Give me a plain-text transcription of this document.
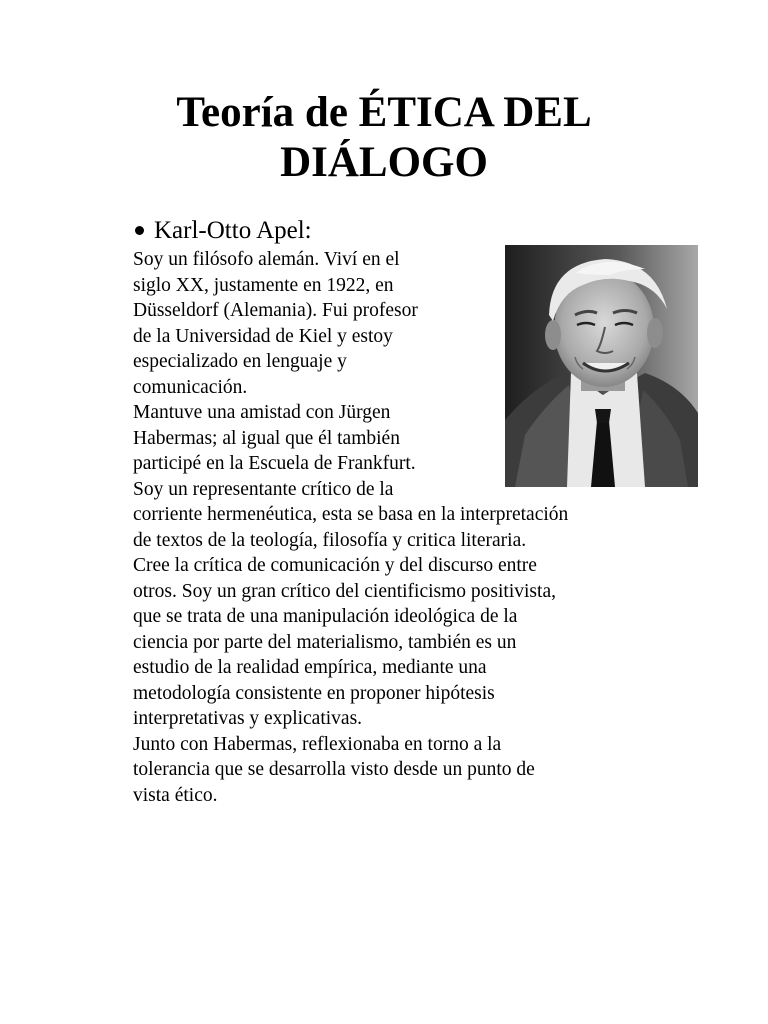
Teoría de ÉTICA DEL
DIÁLOGO
Karl-Otto Apel:
Soy un filósofo alemán. Viví en el
siglo XX, justamente en 1922, en
Düsseldorf (Alemania). Fui profesor
de la Universidad de Kiel y estoy
especializado en lenguaje y
comunicación.
Mantuve una amistad con Jürgen
Habermas; al igual que él también
participé en la Escuela de Frankfurt.
Soy un representante crítico de la
corriente hermenéutica, esta se basa en la interpretación
de textos de la teología, filosofía y critica literaria.
Cree la crítica de comunicación y del discurso entre
otros. Soy un gran crítico del cientificismo positivista,
que se trata de una manipulación ideológica de la
ciencia por parte del materialismo, también es un
estudio de la realidad empírica, mediante una
metodología consistente en proponer hipótesis
interpretativas y explicativas.
Junto con Habermas, reflexionaba en torno a la
tolerancia que se desarrolla visto desde un punto de
vista ético.
